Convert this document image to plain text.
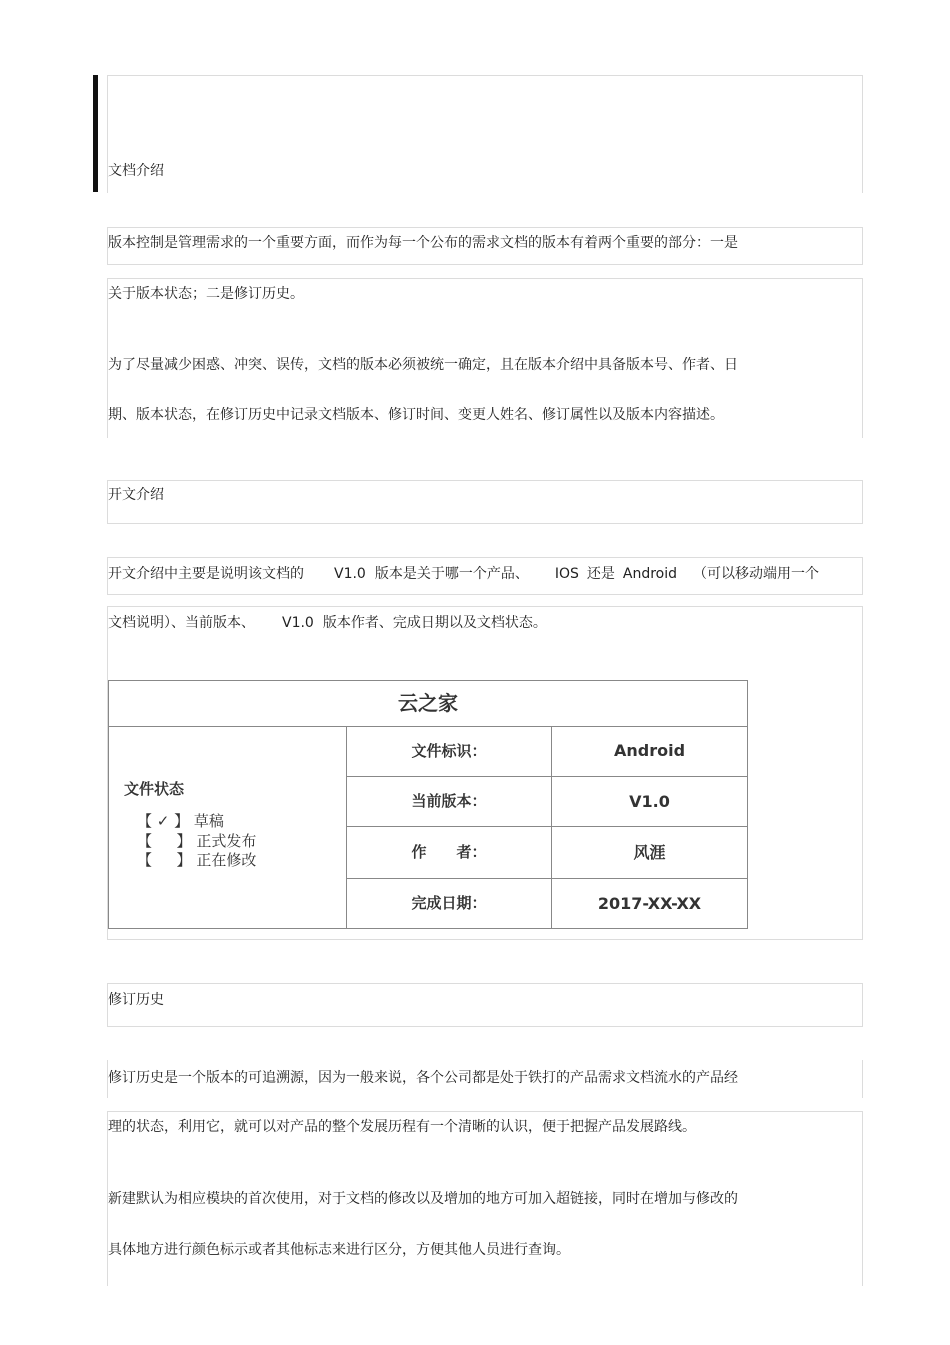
文档介绍
版本控制是管理需求的一个重要方面，而作为每一个公布的需求文档的版本有着两个重要的部分：一是
关于版本状态；二是修订历史。
为了尽量减少困惑、冲突、误传，文档的版本必须被统一确定，且在版本介绍中具备版本号、作者、日
期、版本状态，在修订历史中记录文档版本、修订时间、变更人姓名、修订属性以及版本内容描述。
开文介绍
开文介绍中主要是说明该文档的 V1.0 版本是关于哪一个产品、 IOS 还是 Android （可以移动端用一个
文档说明）、当前版本、 V1.0 版本作者、完成日期以及文档状态。
云之家
文件状态
【 ✓ 】 草稿
【 　 】 正式发布
【 　 】 正在修改
文件标识：	Android
当前版本：	V1.0
作　　者：	风涯
完成日期：	2017-XX-XX
修订历史
修订历史是一个版本的可追溯源，因为一般来说，各个公司都是处于铁打的产品需求文档流水的产品经
理的状态，利用它，就可以对产品的整个发展历程有一个清晰的认识，便于把握产品发展路线。
新建默认为相应模块的首次使用，对于文档的修改以及增加的地方可加入超链接，同时在增加与修改的
具体地方进行颜色标示或者其他标志来进行区分，方便其他人员进行查询。
